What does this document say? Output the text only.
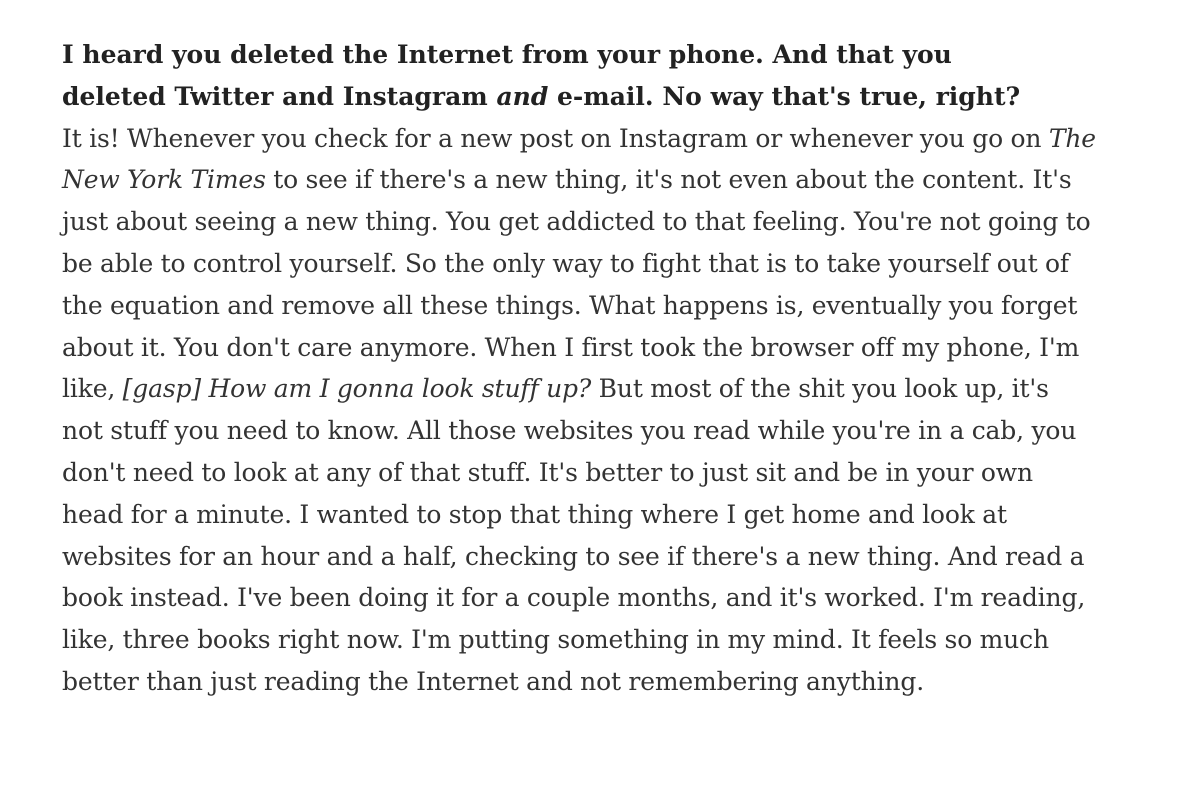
I heard you deleted the Internet from your phone. And that you
deleted Twitter and Instagram and e-mail. No way that's true, right?

It is! Whenever you check for a new post on Instagram or whenever you go on The
New York Times to see if there's a new thing, it's not even about the content. It's
just about seeing a new thing. You get addicted to that feeling. You're not going to
be able to control yourself. So the only way to fight that is to take yourself out of
the equation and remove all these things. What happens is, eventually you forget
about it. You don't care anymore. When I first took the browser off my phone, I'm
like, [gasp] How am I gonna look stuff up? But most of the shit you look up, it's
not stuff you need to know. All those websites you read while you're in a cab, you
don't need to look at any of that stuff. It's better to just sit and be in your own
head for a minute. I wanted to stop that thing where I get home and look at
websites for an hour and a half, checking to see if there's a new thing. And read a
book instead. I've been doing it for a couple months, and it's worked. I'm reading,
like, three books right now. I'm putting something in my mind. It feels so much
better than just reading the Internet and not remembering anything.
